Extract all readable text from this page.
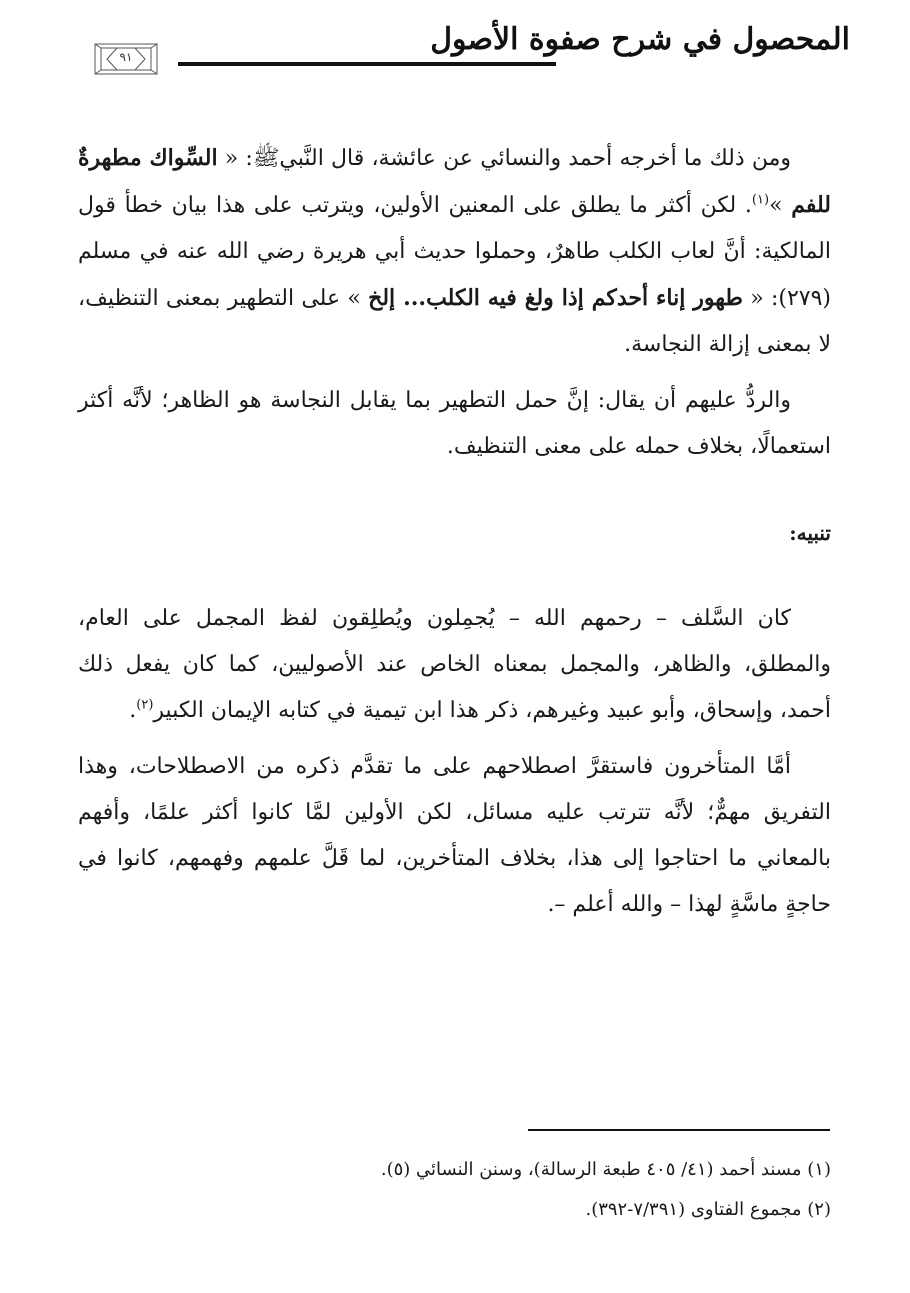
المحصول في شرح صفوة الأصول
٩١

ومن ذلك ما أخرجه أحمد والنسائي عن عائشة، قال النَّبيﷺ: « السِّواك مطهرةٌ للفم »$^{(١)}$. لكن أكثر ما يطلق على المعنين الأولين، ويترتب على هذا بيان خطأ قول المالكية: أنَّ لعاب الكلب طاهرٌ، وحملوا حديث أبي هريرة رضي الله عنه في مسلم (٢٧٩): « طهور إناء أحدكم إذا ولغ فيه الكلب... إلخ » على التطهير بمعنى التنظيف، لا بمعنى إزالة النجاسة.

والردُّ عليهم أن يقال: إنَّ حمل التطهير بما يقابل النجاسة هو الظاهر؛ لأنَّه أكثر استعمالًا، بخلاف حمله على معنى التنظيف.

تنبيه:

كان السَّلف – رحمهم الله – يُجمِلون ويُطلِقون لفظ المجمل على العام، والمطلق، والظاهر، والمجمل بمعناه الخاص عند الأصوليين، كما كان يفعل ذلك أحمد، وإسحاق، وأبو عبيد وغيرهم، ذكر هذا ابن تيمية في كتابه الإيمان الكبير$^{(٢)}$.

أمَّا المتأخرون فاستقرَّ اصطلاحهم على ما تقدَّم ذكره من الاصطلاحات، وهذا التفريق مهمٌّ؛ لأنَّه تترتب عليه مسائل، لكن الأولين لمَّا كانوا أكثر علمًا، وأفهم بالمعاني ما احتاجوا إلى هذا، بخلاف المتأخرين، لما قَلَّ علمهم وفهمهم، كانوا في حاجةٍ ماسَّةٍ لهذا – والله أعلم –.

(١) مسند أحمد (٤١/ ٤٠٥ طبعة الرسالة)، وسنن النسائي (٥).

(٢) مجموع الفتاوى (٧/٣٩١-٣٩٢).
